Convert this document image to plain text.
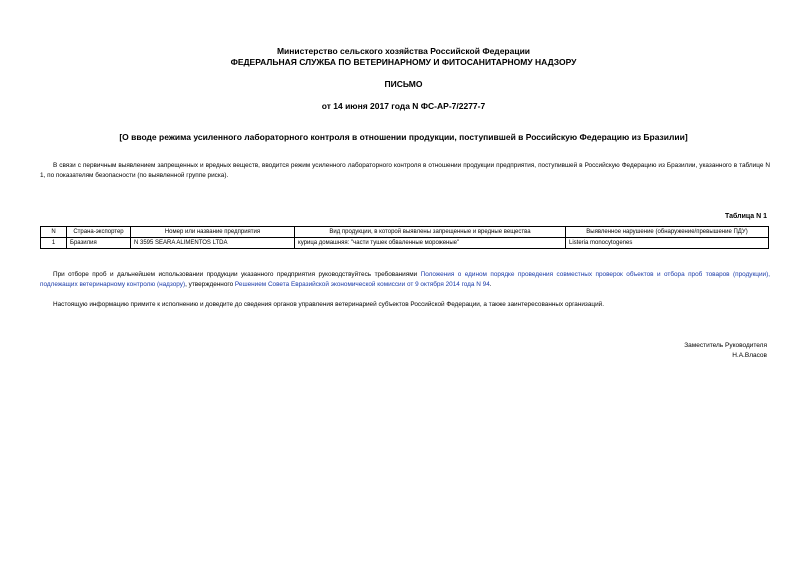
Министерство сельского хозяйства Российской Федерации
ФЕДЕРАЛЬНАЯ СЛУЖБА ПО ВЕТЕРИНАРНОМУ И ФИТОСАНИТАРНОМУ НАДЗОРУ
ПИСЬМО
от 14 июня 2017 года N ФС-АР-7/2277-7
[О вводе режима усиленного лабораторного контроля в отношении продукции, поступившей в Российскую Федерацию из Бразилии]
В связи с первичным выявлением запрещенных и вредных веществ, вводится режим усиленного лабораторного контроля в отношении продукции предприятия, поступившей в Российскую Федерацию из Бразилии, указанного в таблице N 1, по показателям безопасности (по выявленной группе риска).
Таблица N 1
N	Страна-экспортер	Номер или название предприятия	Вид продукции, в которой выявлены запрещенные и вредные вещества	Выявленное нарушение (обнаружение/превышение ПДУ)
1	Бразилия	N 3595 SEARA ALIMENTOS LTDA	курица домашняя: "части тушек обваленные мороженые"	Listeria monocytogenes
При отборе проб и дальнейшем использовании продукции указанного предприятия руководствуйтесь требованиями Положения о едином порядке проведения совместных проверок объектов и отбора проб товаров (продукции), подлежащих ветеринарному контролю (надзору), утвержденного Решением Совета Евразийской экономической комиссии от 9 октября 2014 года N 94.
Настоящую информацию примите к исполнению и доведите до сведения органов управления ветеринарией субъектов Российской Федерации, а также заинтересованных организаций.
Заместитель Руководителя
Н.А.Власов
